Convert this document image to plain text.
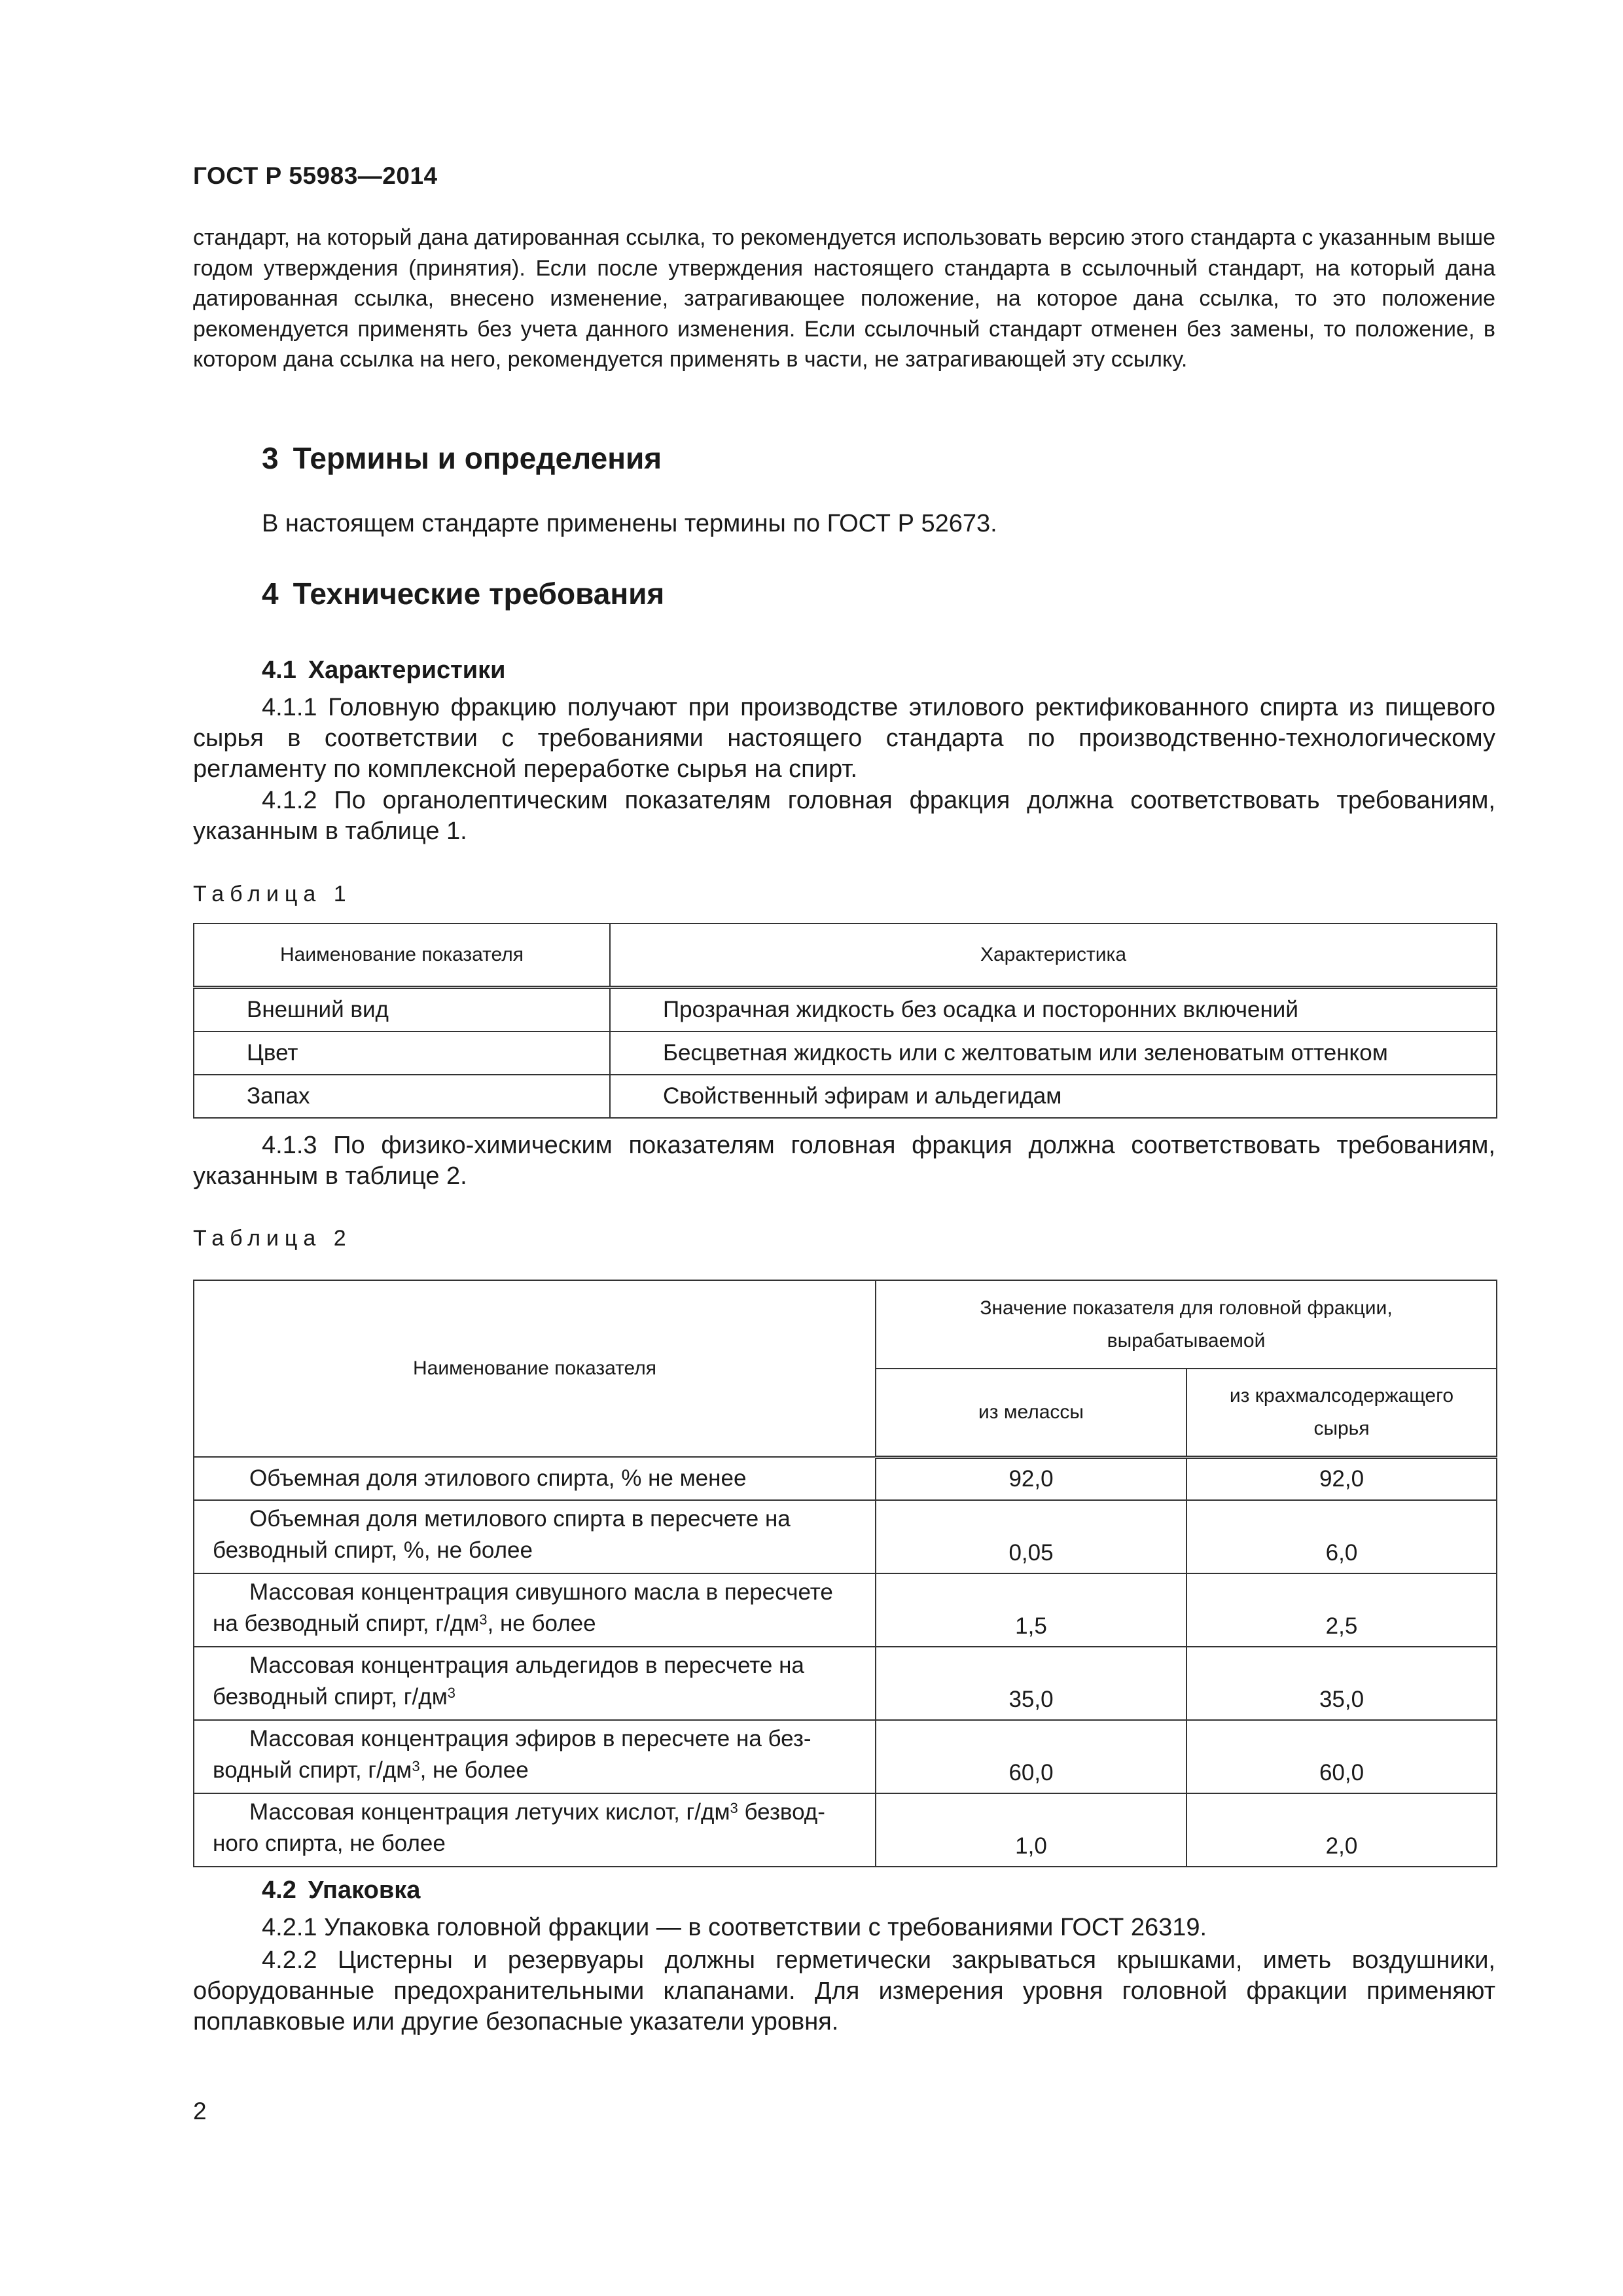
ГОСТ Р 55983—2014
стандарт, на который дана датированная ссылка, то рекомендуется использовать версию этого стандарта с указанным выше годом утверждения (принятия). Если после утверждения настоящего стандарта в ссылочный стандарт, на который дана датированная ссылка, внесено изменение, затрагивающее положение, на которое дана ссылка, то это положение рекомендуется применять без учета данного изменения. Если ссылочный стандарт отменен без замены, то положение, в котором дана ссылка на него, рекомендуется применять в части, не затрагивающей эту ссылку.
3 Термины и определения
В настоящем стандарте применены термины по ГОСТ Р 52673.
4 Технические требования
4.1 Характеристики
4.1.1 Головную фракцию получают при производстве этилового ректификованного спирта из пищевого сырья в соответствии с требованиями настоящего стандарта по производственно-технологическому регламенту по комплексной переработке сырья на спирт.
4.1.2 По органолептическим показателям головная фракция должна соответствовать требованиям, указанным в таблице 1.
Таблица 1
Наименование показателя	Характеристика
Внешний вид	Прозрачная жидкость без осадка и посторонних включений
Цвет	Бесцветная жидкость или с желтоватым или зеленоватым оттенком
Запах	Свойственный эфирам и альдегидам
4.1.3 По физико-химическим показателям головная фракция должна соответствовать требованиям, указанным в таблице 2.
Таблица 2
Наименование показателя	Значение показателя для головной фракции, вырабатываемой	
	из мелассы	из крахмалсодержащего сырья

Объемная доля этилового спирта, % не менее	92,0	92,0

Объемная доля метилового спирта в пересчете на
безводный спирт, %, не более	0,05	6,0

Массовая концентрация сивушного масла в пересчете
на безводный спирт, $г/дм^3$, не более	1,5	2,5

Массовая концентрация альдегидов в пересчете на
безводный спирт, $г/дм^3$	35,0	35,0

Массовая концентрация эфиров в пересчете на без-
водный спирт, $г/дм^3$, не более	60,0	60,0

Массовая концентрация летучих кислот, $г/дм^3$ безвод-
ного спирта, не более	1,0	2,0
4.2 Упаковка
4.2.1 Упаковка головной фракции — в соответствии с требованиями ГОСТ 26319.
4.2.2 Цистерны и резервуары должны герметически закрываться крышками, иметь воздушники, оборудованные предохранительными клапанами. Для измерения уровня головной фракции применяют поплавковые или другие безопасные указатели уровня.
2
